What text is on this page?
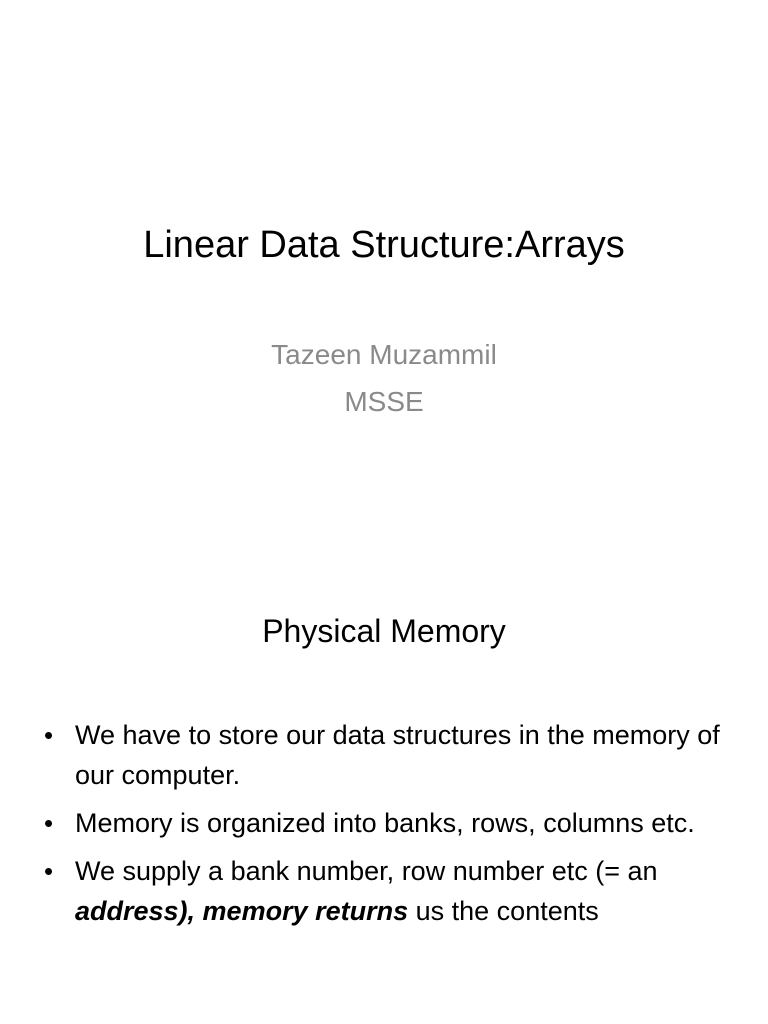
Linear Data Structure:Arrays
Tazeen Muzammil
MSSE
Physical Memory
• We have to store our data structures in the memory of our computer.
• Memory is organized into banks, rows, columns etc.
• We supply a bank number, row number etc (= an address), memory returns us the contents
